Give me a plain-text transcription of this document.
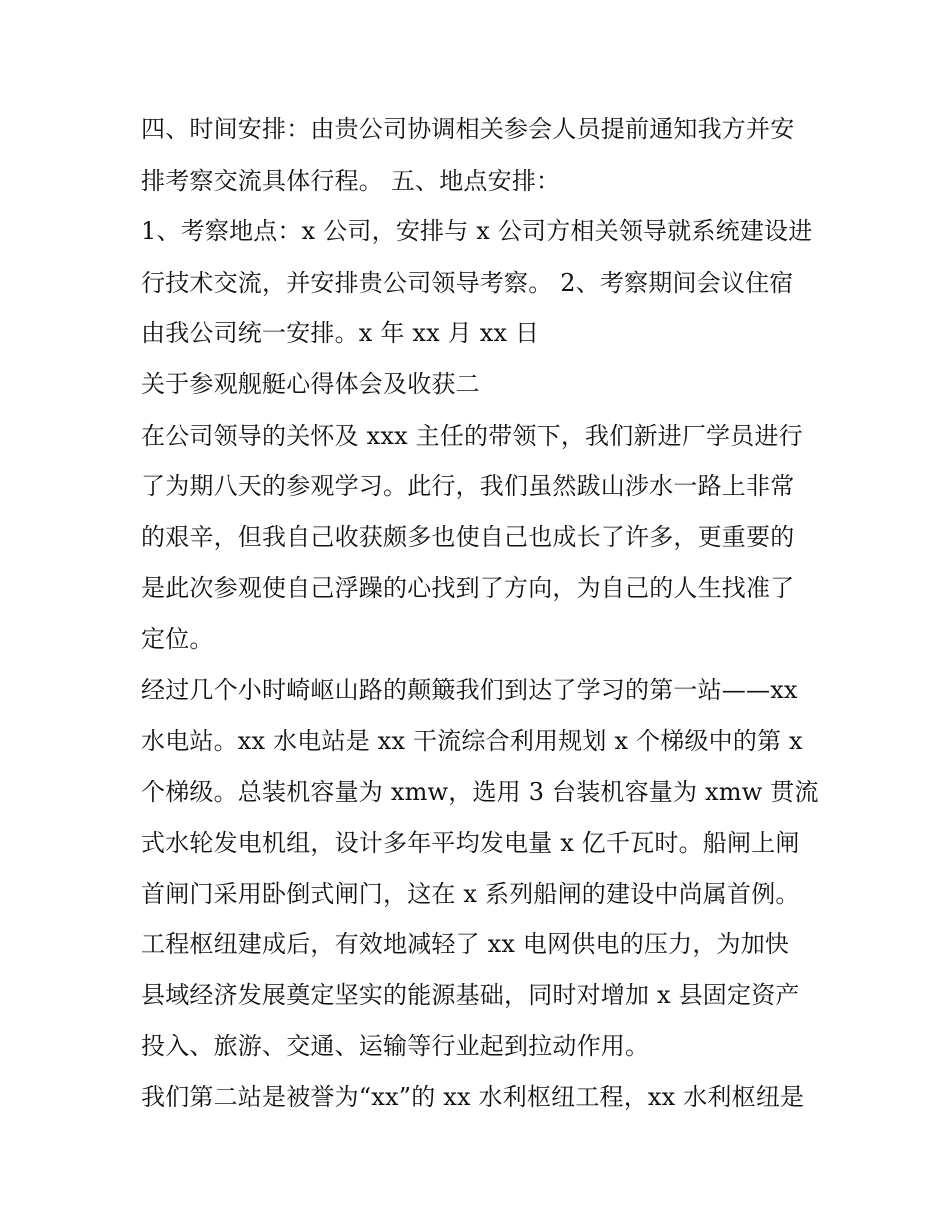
四、时间安排：由贵公司协调相关参会人员提前通知我方并安
排考察交流具体行程。 五、地点安排：
1、考察地点：x 公司，安排与 x 公司方相关领导就系统建设进
行技术交流，并安排贵公司领导考察。 2、考察期间会议住宿
由我公司统一安排。x 年 xx 月 xx 日
关于参观舰艇心得体会及收获二
在公司领导的关怀及 xxx 主任的带领下，我们新进厂学员进行
了为期八天的参观学习。此行，我们虽然跋山涉水一路上非常
的艰辛，但我自己收获颇多也使自己也成长了许多，更重要的
是此次参观使自己浮躁的心找到了方向，为自己的人生找准了
定位。
经过几个小时崎岖山路的颠簸我们到达了学习的第一站——xx
水电站。xx 水电站是 xx 干流综合利用规划 x 个梯级中的第 x
个梯级。总装机容量为 xmw，选用 3 台装机容量为 xmw 贯流
式水轮发电机组，设计多年平均发电量 x 亿千瓦时。船闸上闸
首闸门采用卧倒式闸门，这在 x 系列船闸的建设中尚属首例。
工程枢纽建成后，有效地减轻了 xx 电网供电的压力，为加快
县域经济发展奠定坚实的能源基础，同时对增加 x 县固定资产
投入、旅游、交通、运输等行业起到拉动作用。
我们第二站是被誉为“xx”的 xx 水利枢纽工程，xx 水利枢纽是
